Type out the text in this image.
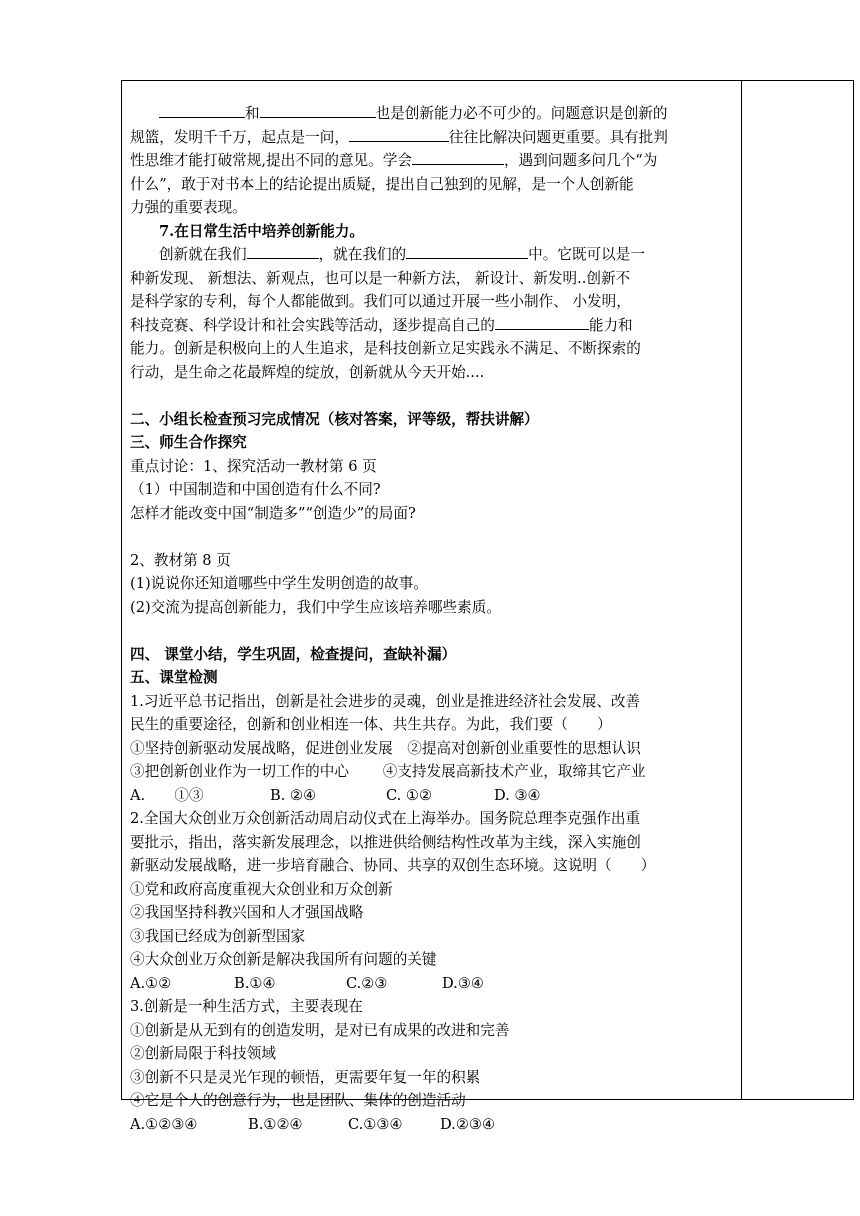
和	也是创新能力必不可少的。问题意识是创新的
规篮，发明千千万，起点是一问，	往往比解决问题更重要。具有批判
性思维才能打破常规,提出不同的意见。学会	，遇到问题多问几个“为
什么”，敢于对书本上的结论提出质疑，提出自己独到的见解，是一个人创新能
力强的重要表现。
7.在日常生活中培养创新能力。
创新就在我们	，就在我们的	中。它既可以是一
种新发现、 新想法、新观点，也可以是一种新方法， 新设计、新发明..创新不
是科学家的专利，每个人都能做到。我们可以通过开展一些小制作、 小发明，
科技竞赛、科学设计和社会实践等活动，逐步提高自己的	能力和
能力。创新是积极向上的人生追求，是科技创新立足实践永不满足、不断探索的
行动，是生命之花最辉煌的绽放，创新就从今天开始....
二、小组长检查预习完成情况（核对答案，评等级，帮扶讲解）
三、师生合作探究
重点讨论：1、探究活动一教材第 6 页
（1）中国制造和中国创造有什么不同?
怎样才能改变中国“制造多”“创造少”的局面?
2、教材第 8 页
(1)说说你还知道哪些中学生发明创造的故事。
(2)交流为提高创新能力，我们中学生应该培养哪些素质。
四、 课堂小结，学生巩固，检查提问，查缺补漏）
五、课堂检测
1.习近平总书记指出，创新是社会进步的灵魂，创业是推进经济社会发展、改善
民生的重要途径，创新和创业相连一体、共生共存。为此，我们要（　　）
①坚持创新驱动发展战略，促进创业发展　②提高对创新创业重要性的思想认识
③把创新创业作为一切工作的中心　　 ④支持发展高新技术产业，取缔其它产业
A.　　①③	B. ②④	C. ①②	D. ③④
2.全国大众创业万众创新活动周启动仪式在上海举办。国务院总理李克强作出重
要批示，指出，落实新发展理念，以推进供给侧结构性改革为主线，深入实施创
新驱动发展战略，进一步培育融合、协同、共享的双创生态环境。这说明（　　）
①党和政府高度重视大众创业和万众创新
②我国坚持科教兴国和人才强国战略
③我国已经成为创新型国家
④大众创业万众创新是解决我国所有问题的关键
A.①②	B.①④	C.②③	D.③④
3.创新是一种生活方式，主要表现在
①创新是从无到有的创造发明，是对已有成果的改进和完善
②创新局限于科技领域
③创新不只是灵光乍现的顿悟，更需要年复一年的积累
④它是个人的创意行为，也是团队、集体的创造活动
A.①②③④	B.①②④	C.①③④	D.②③④
